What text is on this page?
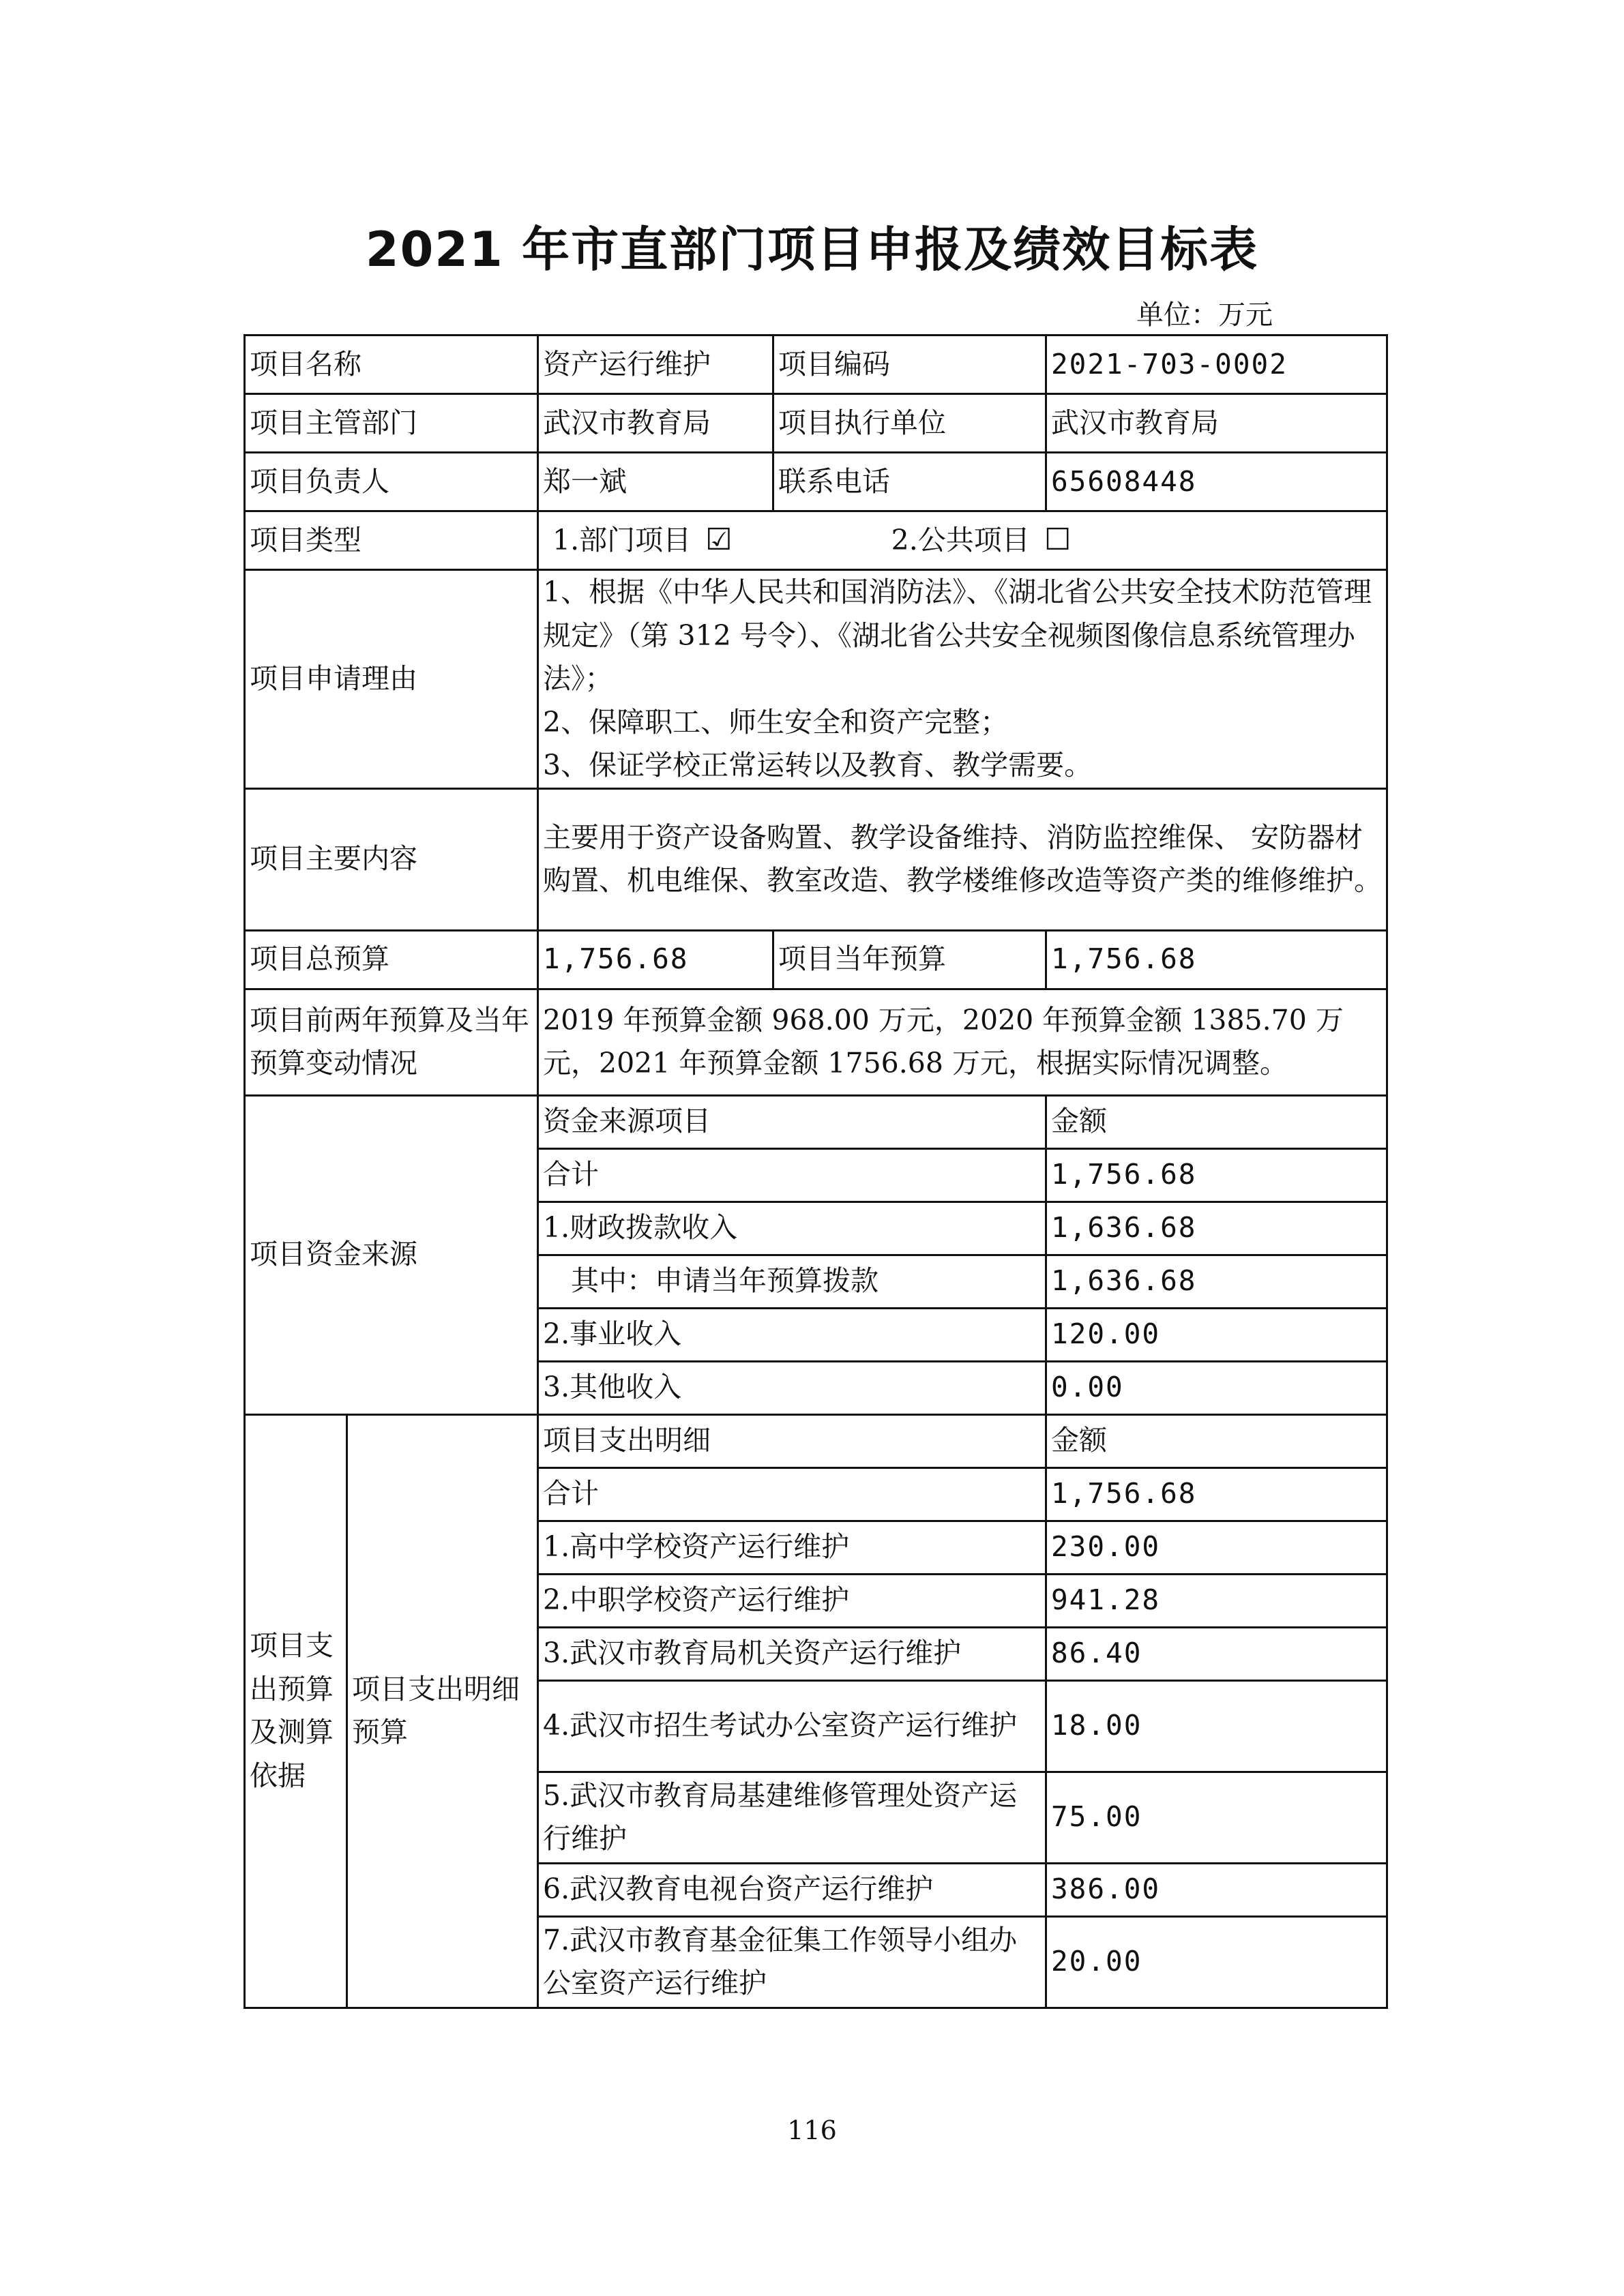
2021 年市直部门项目申报及绩效目标表
单位：万元
项目名称		资产运行维护	项目编码	2021-703-0002
项目主管部门		武汉市教育局	项目执行单位	武汉市教育局
项目负责人		郑一斌	联系电话	65608448
项目类型		1.部门项目 ☑ 2.公共项目 ☐		
项目申请理由		1、根据《中华人民共和国消防法》、《湖北省公共安全技术防范管理规定》（第 312 号令）、《湖北省公共安全视频图像信息系统管理办法》；
2、保障职工、师生安全和资产完整；
3、保证学校正常运转以及教育、教学需要。		

项目主要内容		主要用于资产设备购置、教学设备维持、消防监控维保、 安防器材购置、机电维保、教室改造、教学楼维修改造等资产类的维修维护。		
项目总预算		1,756.68	项目当年预算	1,756.68
项目前两年预算及当年预算变动情况		2019 年预算金额 968.00 万元，2020 年预算金额 1385.70 万元，2021 年预算金额 1756.68 万元，根据实际情况调整。		
项目资金来源		资金来源项目		金额
		合计		1,756.68
		1.财政拨款收入		1,636.68
		　其中：申请当年预算拨款		1,636.68
		2.事业收入		120.00
		3.其他收入		0.00
项目支出预算及测算依据	项目支出明细预算	项目支出明细		金额
		合计		1,756.68
		1.高中学校资产运行维护		230.00
		2.中职学校资产运行维护		941.28
		3.武汉市教育局机关资产运行维护		86.40
		4.武汉市招生考试办公室资产运行维护		18.00
		5.武汉市教育局基建维修管理处资产运行维护		75.00
		6.武汉教育电视台资产运行维护		386.00
		7.武汉市教育基金征集工作领导小组办公室资产运行维护		20.00
116
